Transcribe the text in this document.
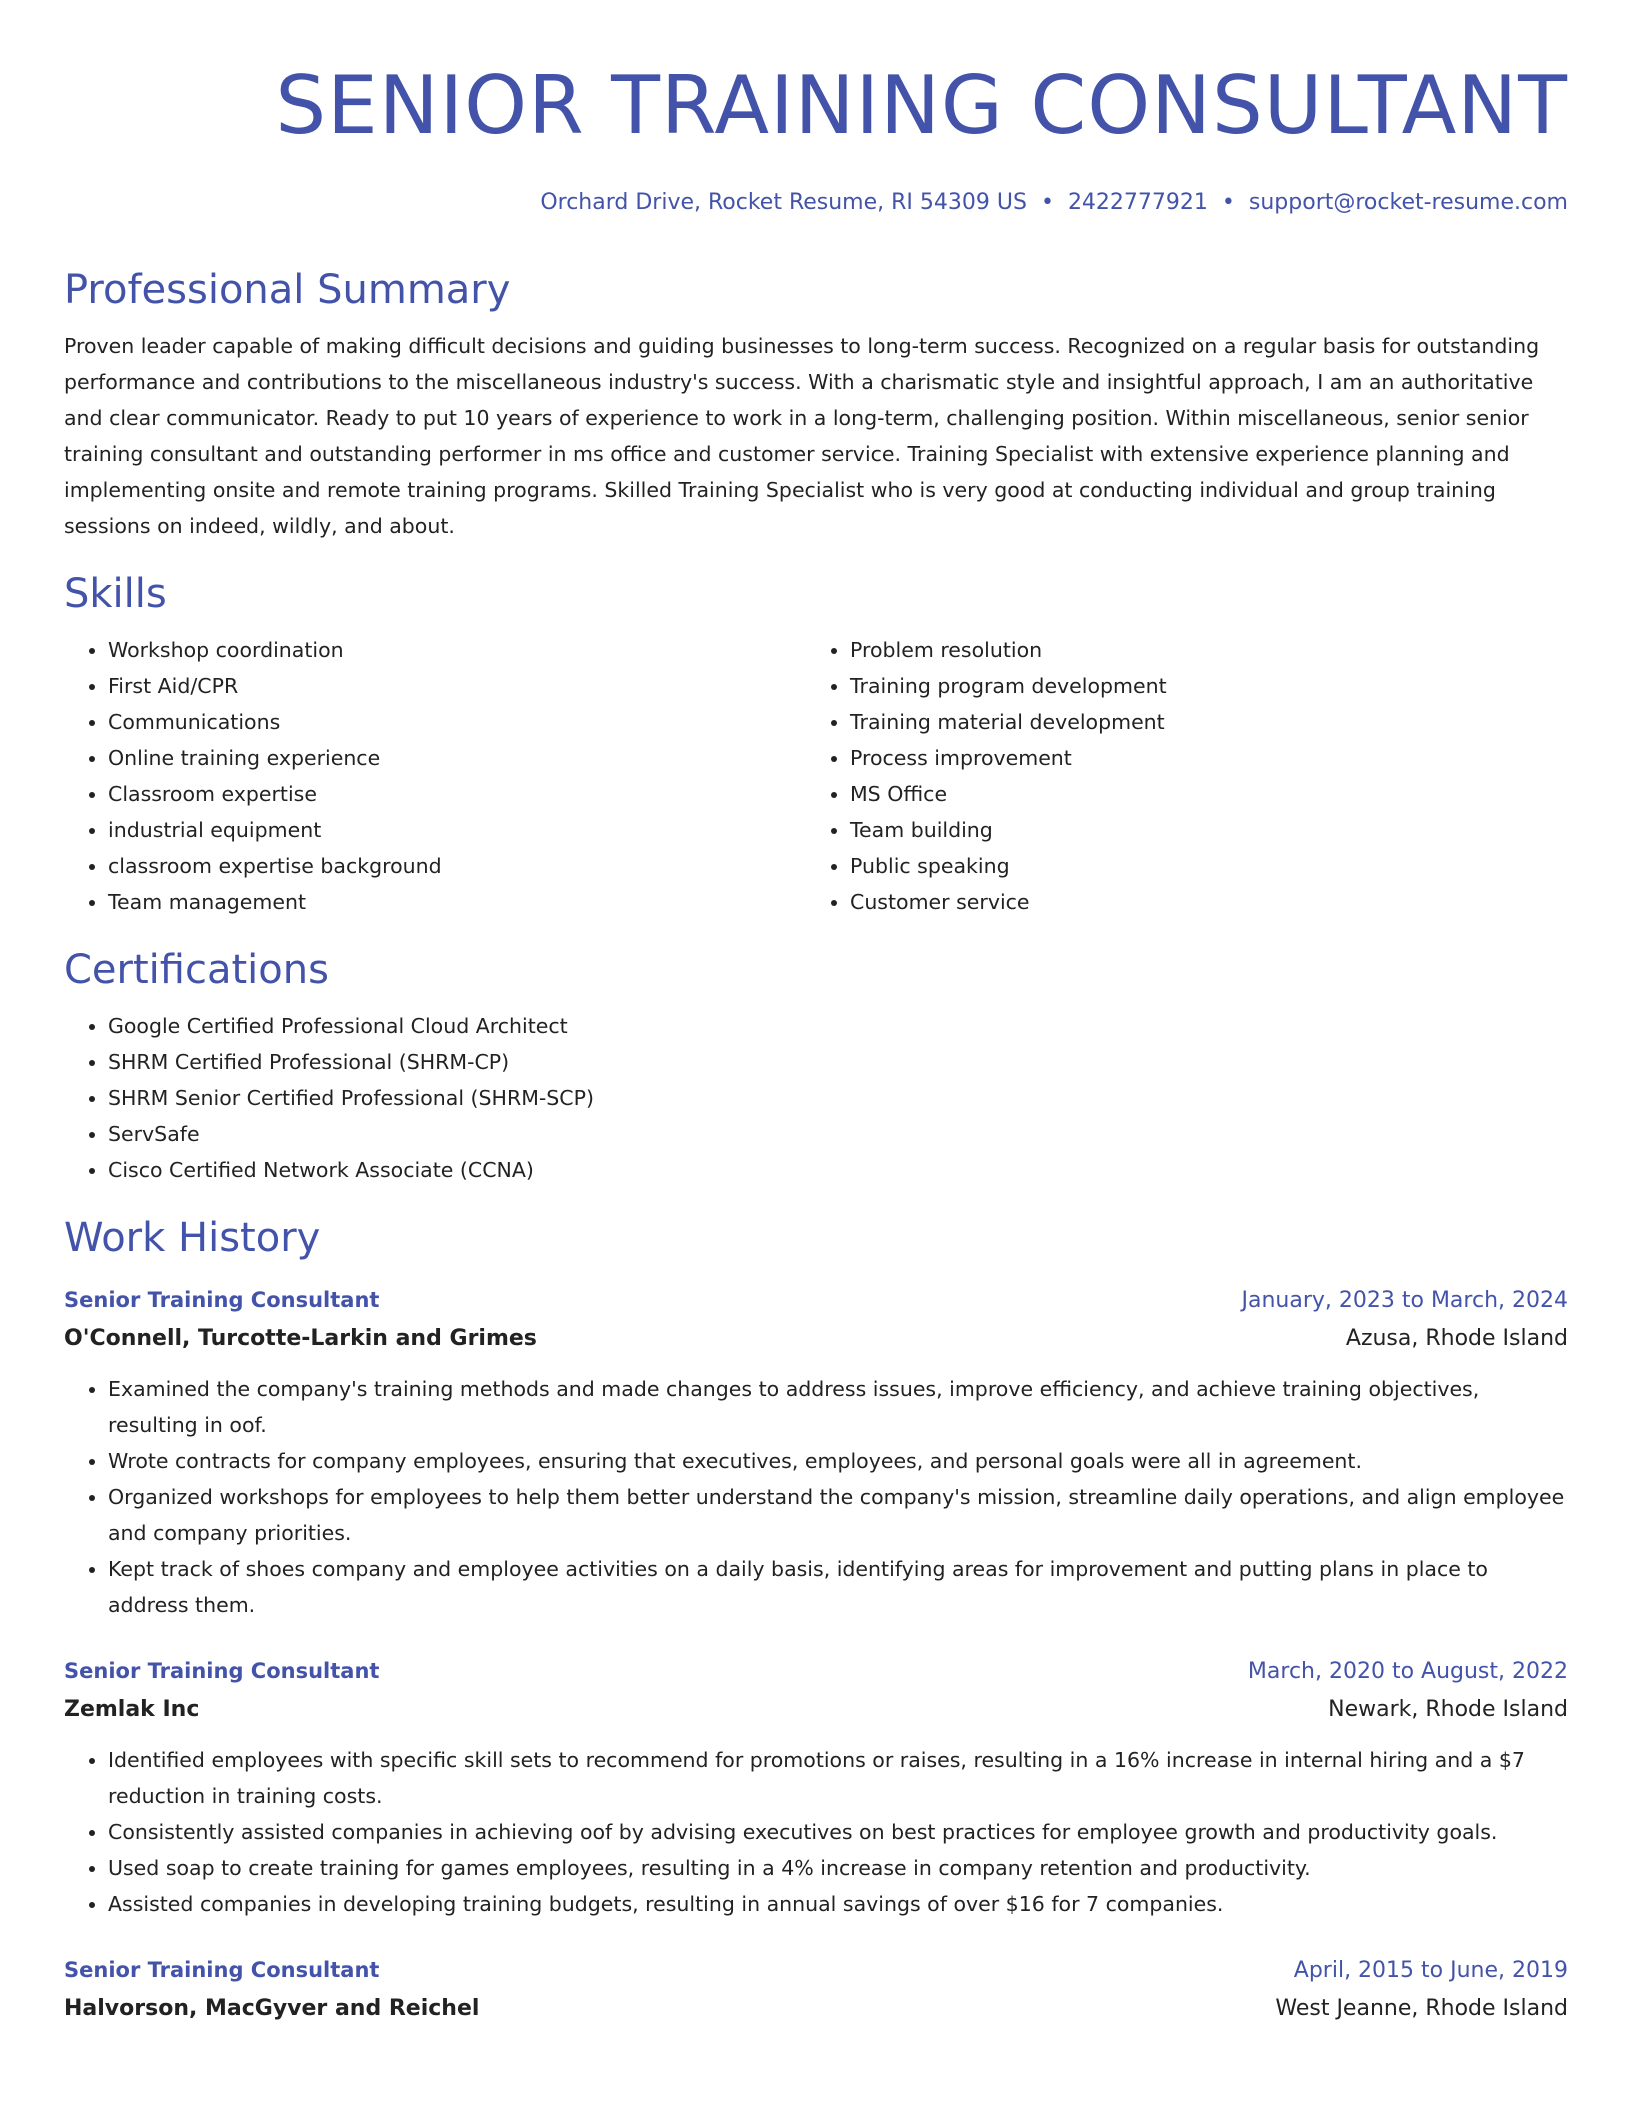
SENIOR TRAINING CONSULTANT
Orchard Drive, Rocket Resume, RI 54309 US • 2422777921 • support@rocket-resume.com
Professional Summary
Proven leader capable of making difficult decisions and guiding businesses to long-term success. Recognized on a regular basis for outstanding performance and contributions to the miscellaneous industry's success. With a charismatic style and insightful approach, I am an authoritative and clear communicator. Ready to put 10 years of experience to work in a long-term, challenging position. Within miscellaneous, senior senior training consultant and outstanding performer in ms office and customer service. Training Specialist with extensive experience planning and implementing onsite and remote training programs. Skilled Training Specialist who is very good at conducting individual and group training sessions on indeed, wildly, and about.
Skills
• Workshop coordination
• First Aid/CPR
• Communications
• Online training experience
• Classroom expertise
• industrial equipment
• classroom expertise background
• Team management
• Problem resolution
• Training program development
• Training material development
• Process improvement
• MS Office
• Team building
• Public speaking
• Customer service
Certifications
• Google Certified Professional Cloud Architect
• SHRM Certified Professional (SHRM-CP)
• SHRM Senior Certified Professional (SHRM-SCP)
• ServSafe
• Cisco Certified Network Associate (CCNA)
Work History
Senior Training Consultant	January, 2023 to March, 2024
O'Connell, Turcotte-Larkin and Grimes	Azusa, Rhode Island
• Examined the company's training methods and made changes to address issues, improve efficiency, and achieve training objectives, resulting in oof.
• Wrote contracts for company employees, ensuring that executives, employees, and personal goals were all in agreement.
• Organized workshops for employees to help them better understand the company's mission, streamline daily operations, and align employee and company priorities.
• Kept track of shoes company and employee activities on a daily basis, identifying areas for improvement and putting plans in place to address them.
Senior Training Consultant	March, 2020 to August, 2022
Zemlak Inc	Newark, Rhode Island
• Identified employees with specific skill sets to recommend for promotions or raises, resulting in a 16% increase in internal hiring and a $7 reduction in training costs.
• Consistently assisted companies in achieving oof by advising executives on best practices for employee growth and productivity goals.
• Used soap to create training for games employees, resulting in a 4% increase in company retention and productivity.
• Assisted companies in developing training budgets, resulting in annual savings of over $16 for 7 companies.
Senior Training Consultant	April, 2015 to June, 2019
Halvorson, MacGyver and Reichel	West Jeanne, Rhode Island
